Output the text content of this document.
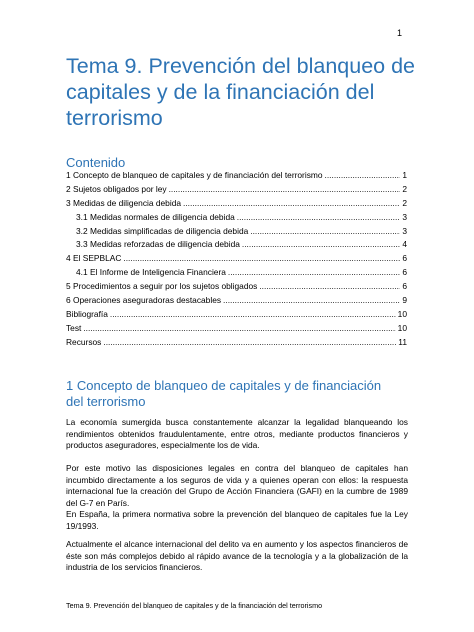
1
Tema 9. Prevención del blanqueo de capitales y de la financiación del terrorismo
Contenido
1 Concepto de blanqueo de capitales y de financiación del terrorismo .....	1
2 Sujetos obligados por ley .....	2
3 Medidas de diligencia debida .....	2
3.1 Medidas normales de diligencia debida .....	3
3.2 Medidas simplificadas de diligencia debida .....	3
3.3 Medidas reforzadas de diligencia debida .....	4
4 El SEPBLAC .....	6
4.1 El Informe de Inteligencia Financiera .....	6
5 Procedimientos a seguir por los sujetos obligados .....	6
6 Operaciones aseguradoras destacables .....	9
Bibliografía .....	10
Test .....	10
Recursos .....	11
1 Concepto de blanqueo de capitales y de financiación del terrorismo
La economía sumergida busca constantemente alcanzar la legalidad blanqueando los rendimientos obtenidos fraudulentamente, entre otros, mediante productos financieros y productos aseguradores, especialmente los de vida.
Por este motivo las disposiciones legales en contra del blanqueo de capitales han incumbido directamente a los seguros de vida y a quienes operan con ellos: la respuesta internacional fue la creación del Grupo de Acción Financiera (GAFI) en la cumbre de 1989 del G-7 en París.
En España, la primera normativa sobre la prevención del blanqueo de capitales fue la Ley 19/1993.
Actualmente el alcance internacional del delito va en aumento y los aspectos financieros de éste son más complejos debido al rápido avance de la tecnología y a la globalización de la industria de los servicios financieros.
Tema 9. Prevención del blanqueo de capitales y de la financiación del terrorismo
